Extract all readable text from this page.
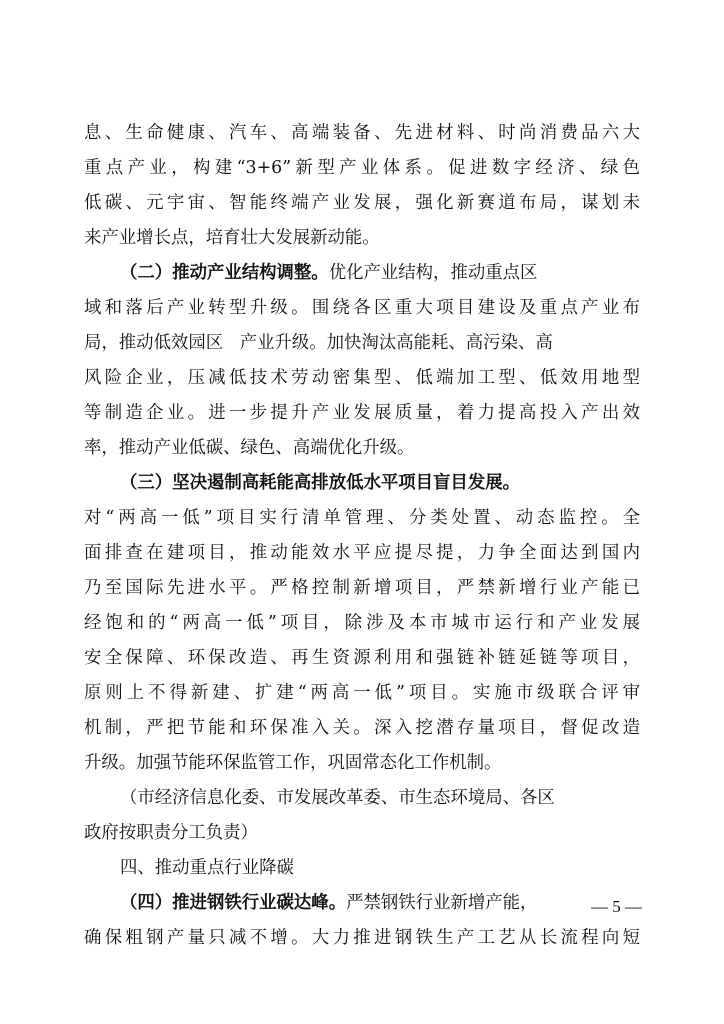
息、生命健康、汽车、高端装备、先进材料、时尚消费品六大
重点产业，构建“3+6”新型产业体系。促进数字经济、绿色
低碳、元宇宙、智能终端产业发展，强化新赛道布局，谋划未
来产业增长点，培育壮大发展新动能。
（二）推动产业结构调整。优化产业结构，推动重点区
域和落后产业转型升级。围绕各区重大项目建设及重点产业布
局，推动低效园区   产业升级。加快淘汰高能耗、高污染、高
风险企业，压减低技术劳动密集型、低端加工型、低效用地型
等制造企业。进一步提升产业发展质量，着力提高投入产出效
率，推动产业低碳、绿色、高端优化升级。
（三）坚决遏制高耗能高排放低水平项目盲目发展。
对“两高一低”项目实行清单管理、分类处置、动态监控。全
面排查在建项目，推动能效水平应提尽提，力争全面达到国内
乃至国际先进水平。严格控制新增项目，严禁新增行业产能已
经饱和的“两高一低”项目，除涉及本市城市运行和产业发展
安全保障、环保改造、再生资源利用和强链补链延链等项目，
原则上不得新建、扩建“两高一低”项目。实施市级联合评审
机制，严把节能和环保准入关。深入挖潜存量项目，督促改造
升级。加强节能环保监管工作，巩固常态化工作机制。
（市经济信息化委、市发展改革委、市生态环境局、各区
政府按职责分工负责）
四、推动重点行业降碳
（四）推进钢铁行业碳达峰。严禁钢铁行业新增产能，
确保粗钢产量只减不增。大力推进钢铁生产工艺从长流程向短
— 5 —
